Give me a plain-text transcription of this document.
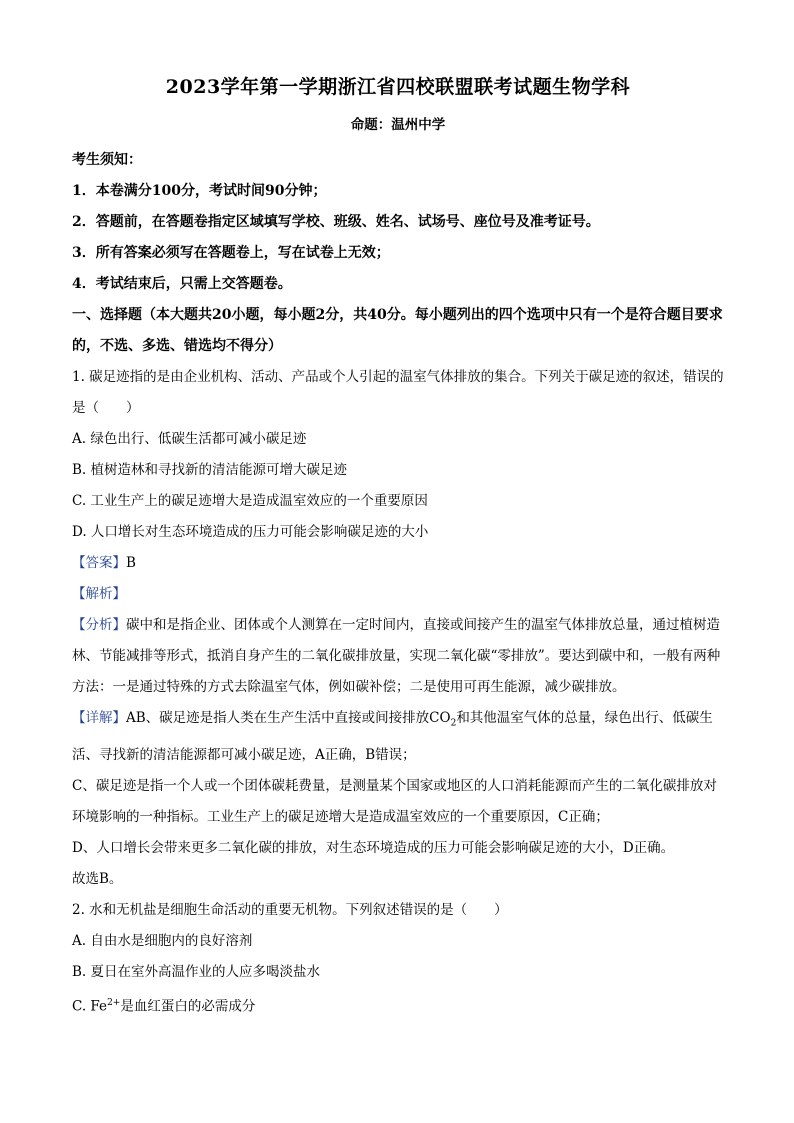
2023学年第一学期浙江省四校联盟联考试题生物学科
命题：温州中学

考生须知：

1．本卷满分100分，考试时间90分钟；

2．答题前，在答题卷指定区域填写学校、班级、姓名、试场号、座位号及准考证号。

3．所有答案必须写在答题卷上，写在试卷上无效；

4．考试结束后，只需上交答题卷。

一、选择题（本大题共20小题，每小题2分，共40分。每小题列出的四个选项中只有一个是符合题目要求的，不选、多选、错选均不得分）

1. 碳足迹指的是由企业机构、活动、产品或个人引起的温室气体排放的集合。下列关于碳足迹的叙述，错误的是（　　）

A. 绿色出行、低碳生活都可减小碳足迹

B. 植树造林和寻找新的清洁能源可增大碳足迹

C. 工业生产上的碳足迹增大是造成温室效应的一个重要原因

D. 人口增长对生态环境造成的压力可能会影响碳足迹的大小

【答案】B

【解析】

【分析】碳中和是指企业、团体或个人测算在一定时间内，直接或间接产生的温室气体排放总量，通过植树造林、节能减排等形式，抵消自身产生的二氧化碳排放量，实现二氧化碳“零排放”。要达到碳中和，一般有两种方法：一是通过特殊的方式去除温室气体，例如碳补偿；二是使用可再生能源，减少碳排放。

【详解】AB、碳足迹是指人类在生产生活中直接或间接排放$CO_2$和其他温室气体的总量，绿色出行、低碳生活、寻找新的清洁能源都可减小碳足迹，A正确，B错误；

C、碳足迹是指一个人或一个团体碳耗费量，是测量某个国家或地区的人口消耗能源而产生的二氧化碳排放对环境影响的一种指标。工业生产上的碳足迹增大是造成温室效应的一个重要原因，C正确；

D、人口增长会带来更多二氧化碳的排放，对生态环境造成的压力可能会影响碳足迹的大小，D正确。

故选B。

2. 水和无机盐是细胞生命活动的重要无机物。下列叙述错误的是（　　）

A. 自由水是细胞内的良好溶剂

B. 夏日在室外高温作业的人应多喝淡盐水

C. $Fe^{2+}$是血红蛋白的必需成分
